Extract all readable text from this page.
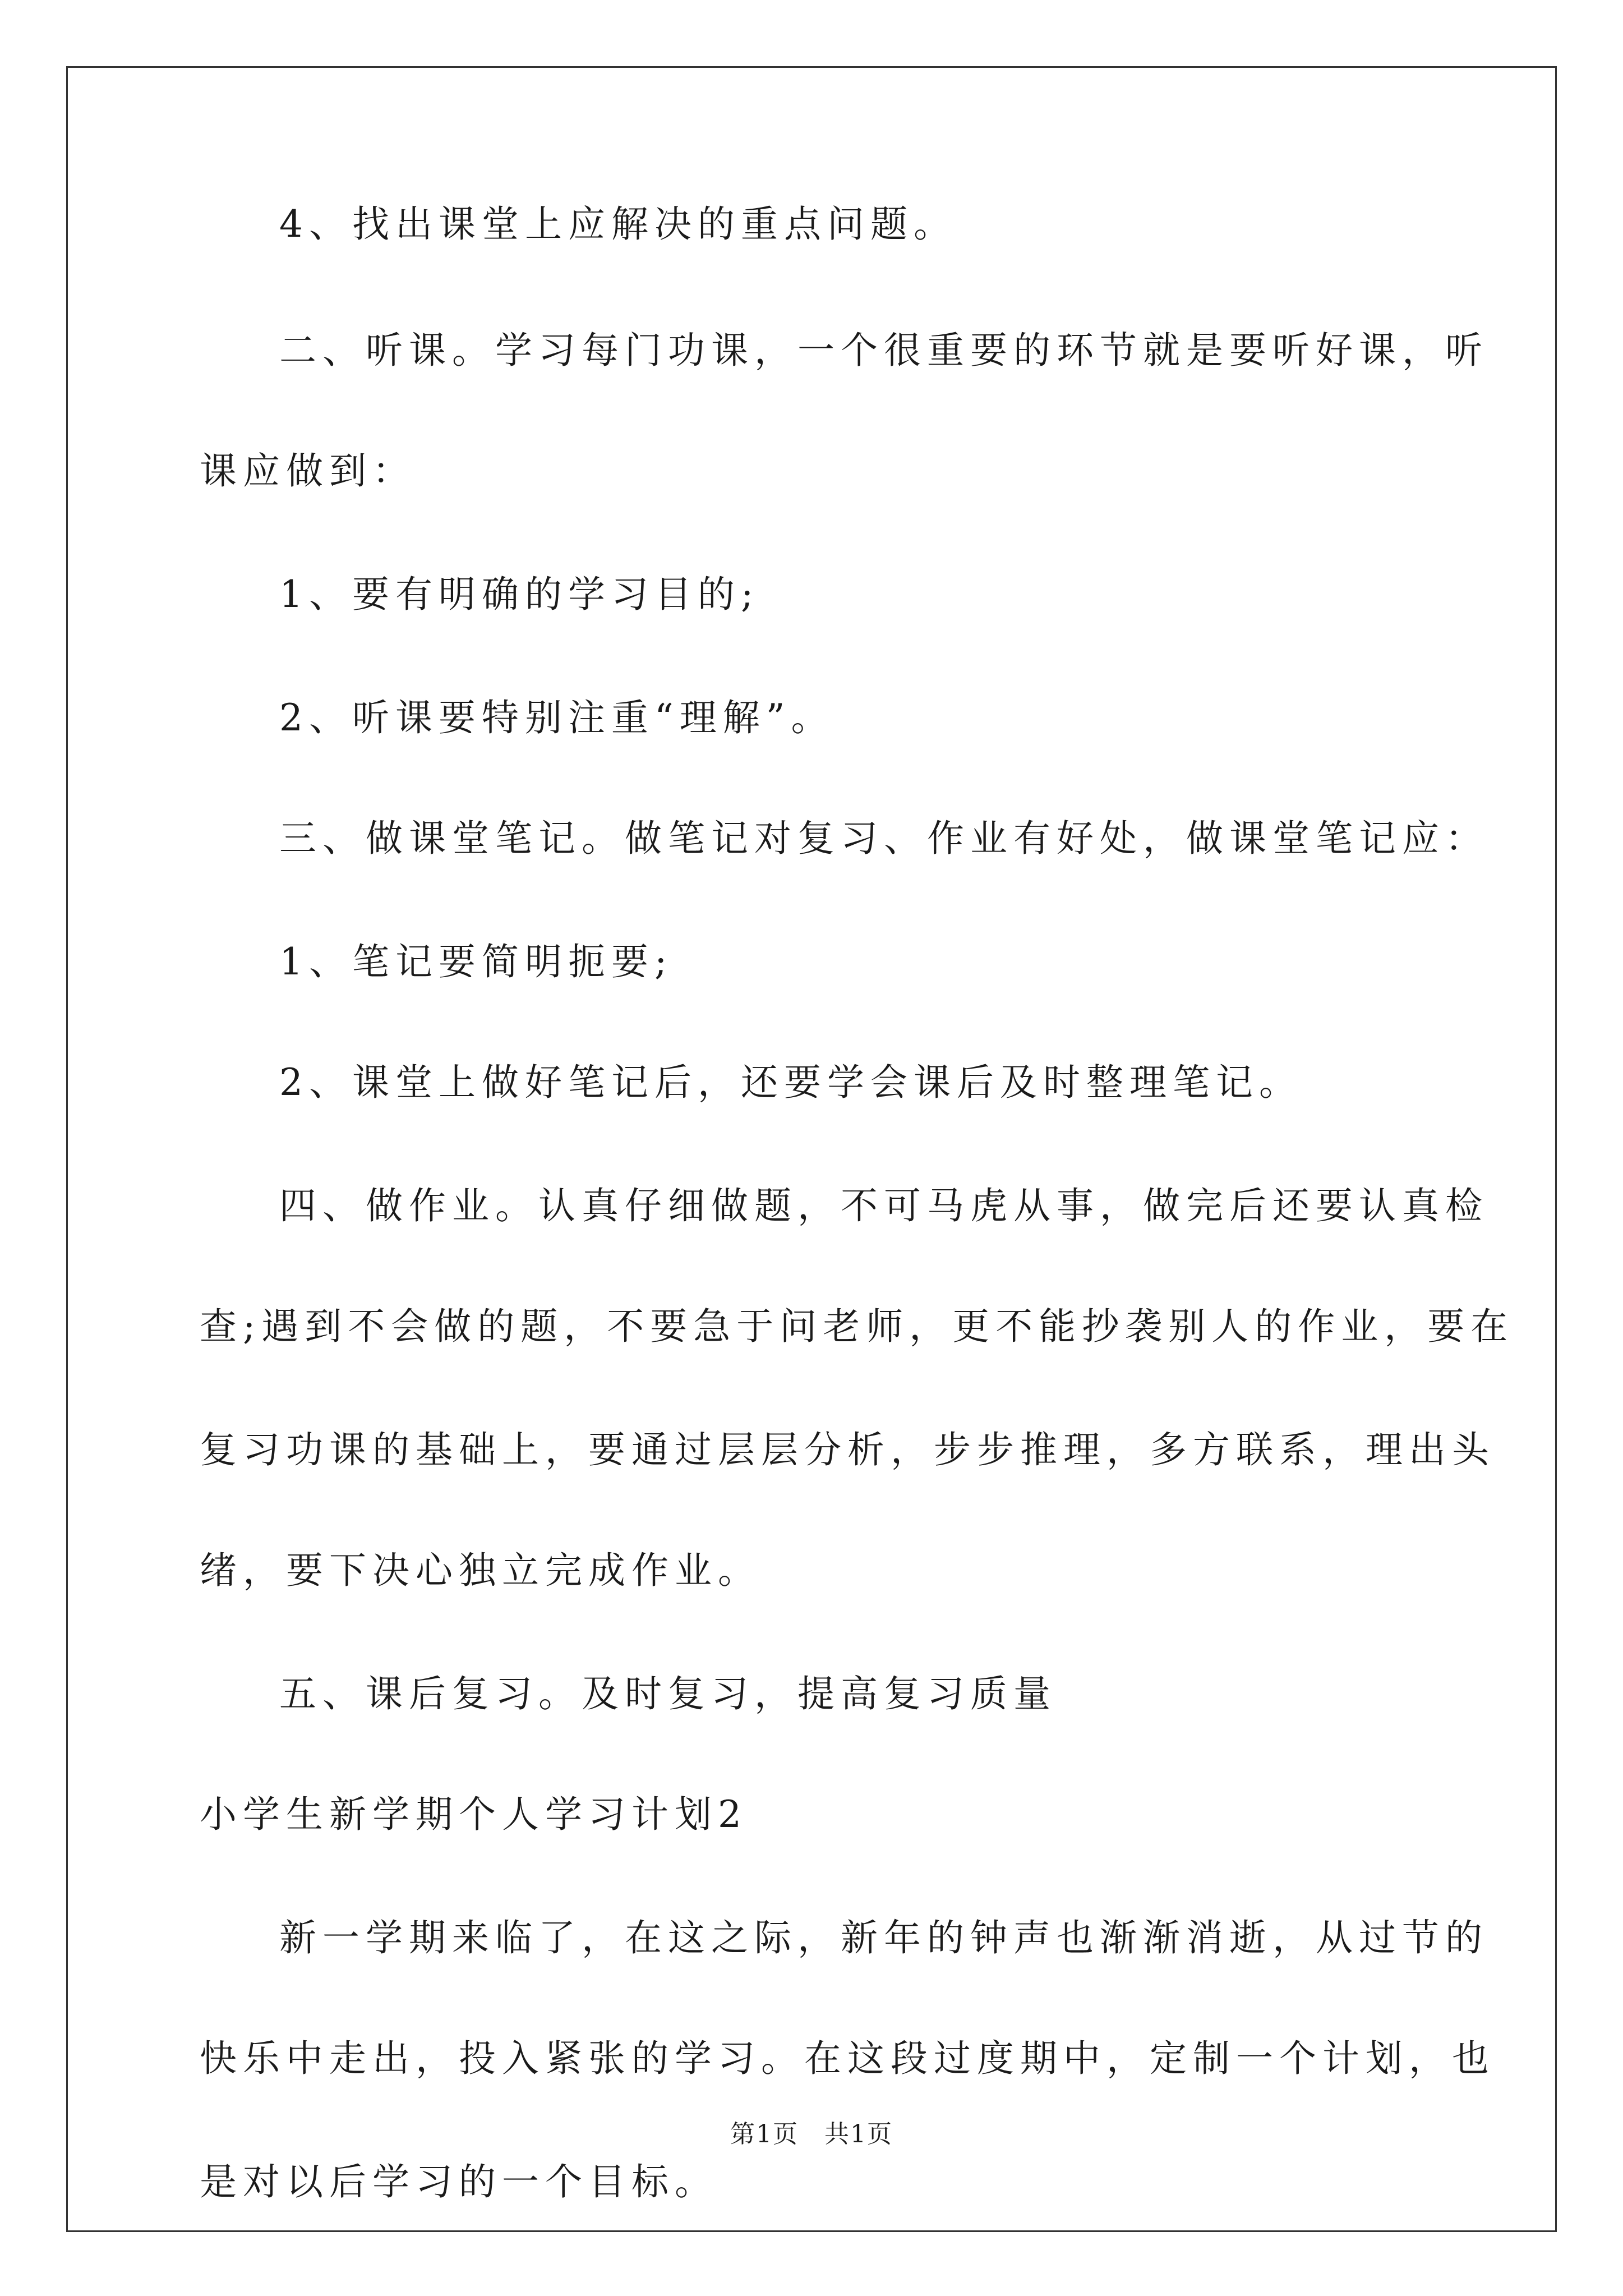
4、找出课堂上应解决的重点问题。
二、听课。学习每门功课，一个很重要的环节就是要听好课，听
课应做到：
1、要有明确的学习目的;
2、听课要特别注重“理解”。
三、做课堂笔记。做笔记对复习、作业有好处，做课堂笔记应：
1、笔记要简明扼要;
2、课堂上做好笔记后，还要学会课后及时整理笔记。
四、做作业。认真仔细做题，不可马虎从事，做完后还要认真检
查;遇到不会做的题，不要急于问老师，更不能抄袭别人的作业，要在
复习功课的基础上，要通过层层分析，步步推理，多方联系，理出头
绪，要下决心独立完成作业。
五、课后复习。及时复习，提高复习质量
小学生新学期个人学习计划2
新一学期来临了，在这之际，新年的钟声也渐渐消逝，从过节的
快乐中走出，投入紧张的学习。在这段过度期中，定制一个计划，也
是对以后学习的一个目标。
第1页　共1页
